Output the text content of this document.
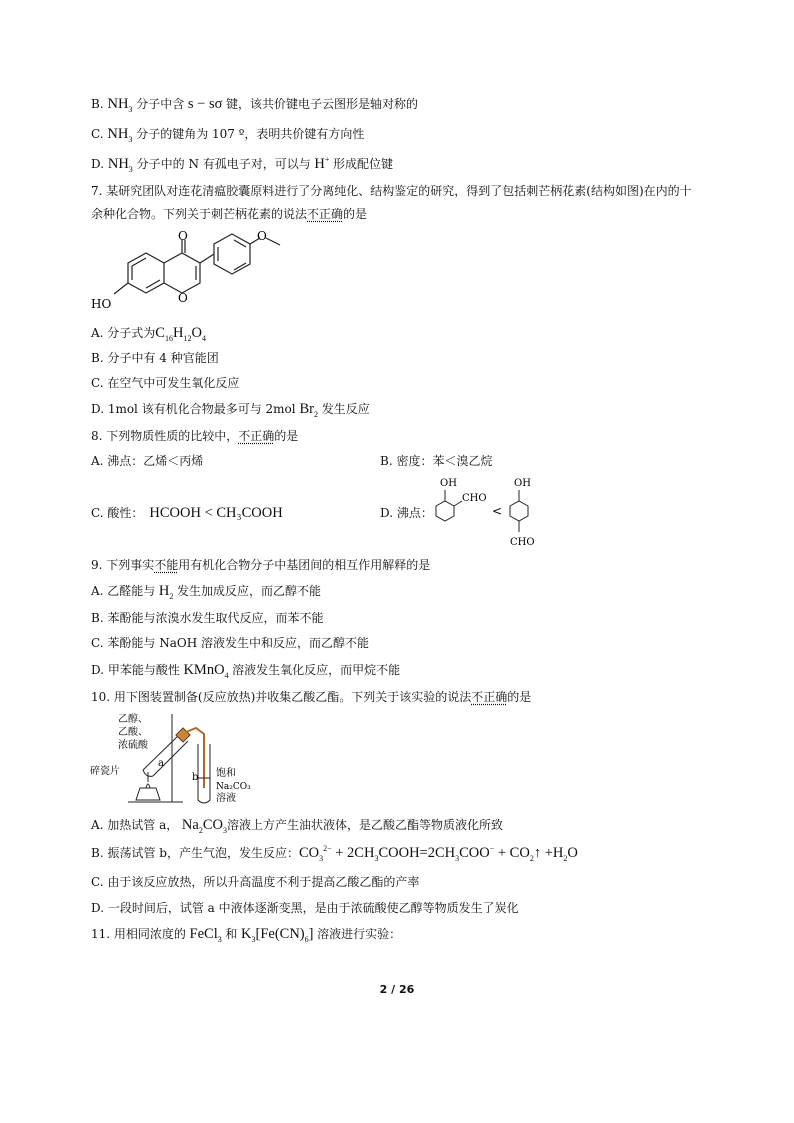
B. $NH_3$ 分子中含 s − sσ 键，该共价键电子云图形是轴对称的
C. $NH_3$ 分子的键角为 107 º，表明共价键有方向性
D. $NH_3$ 分子中的 N 有孤电子对，可以与 H+ 形成配位键
7. 某研究团队对连花清瘟胶囊原料进行了分离纯化、结构鉴定的研究，得到了包括刺芒柄花素(结构如图)在内的十
余种化合物。下列关于刺芒柄花素的说法不正确的是
O
O
O
HO
A. 分子式为$C_{16}H_{12}O_4$
B. 分子中有 4 种官能团
C. 在空气中可发生氧化反应
D. 1mol 该有机化合物最多可与 2mol $Br_2$ 发生反应
8. 下列物质性质的比较中，不正确的是
A. 沸点：乙烯＜丙烯	B. 密度：苯＜溴乙烷
C. 酸性： HCOOH < CH₃COOH	D. 沸点：
OH
CHO
<
OH
CHO
9. 下列事实不能用有机化合物分子中基团间的相互作用解释的是
A. 乙醛能与 $H_2$ 发生加成反应，而乙醇不能
B. 苯酚能与浓溴水发生取代反应，而苯不能
C. 苯酚能与 NaOH 溶液发生中和反应，而乙醇不能
D. 甲苯能与酸性 KMnO$_4$ 溶液发生氧化反应，而甲烷不能
10. 用下图装置制备(反应放热)并收集乙酸乙酯。下列关于该实验的说法不正确的是
乙醇、
乙酸、
浓硫酸
碎瓷片
a
b 饱和
Na₂CO₃
溶液
A. 加热试管 a， $Na_2CO_3$溶液上方产生油状液体，是乙酸乙酯等物质液化所致
B. 振荡试管 b，产生气泡，发生反应：$CO_3^{2-}$ + $2CH_3COOH=2CH_3COO^-$ + $CO_2↑ +H_2O$
C. 由于该反应放热，所以升高温度不利于提高乙酸乙酯的产率
D. 一段时间后，试管 a 中液体逐渐变黑，是由于浓硫酸使乙醇等物质发生了炭化
11. 用相同浓度的 FeCl$_3$ 和 $K_3[Fe(CN)_6]$ 溶液进行实验：
2 / 26
